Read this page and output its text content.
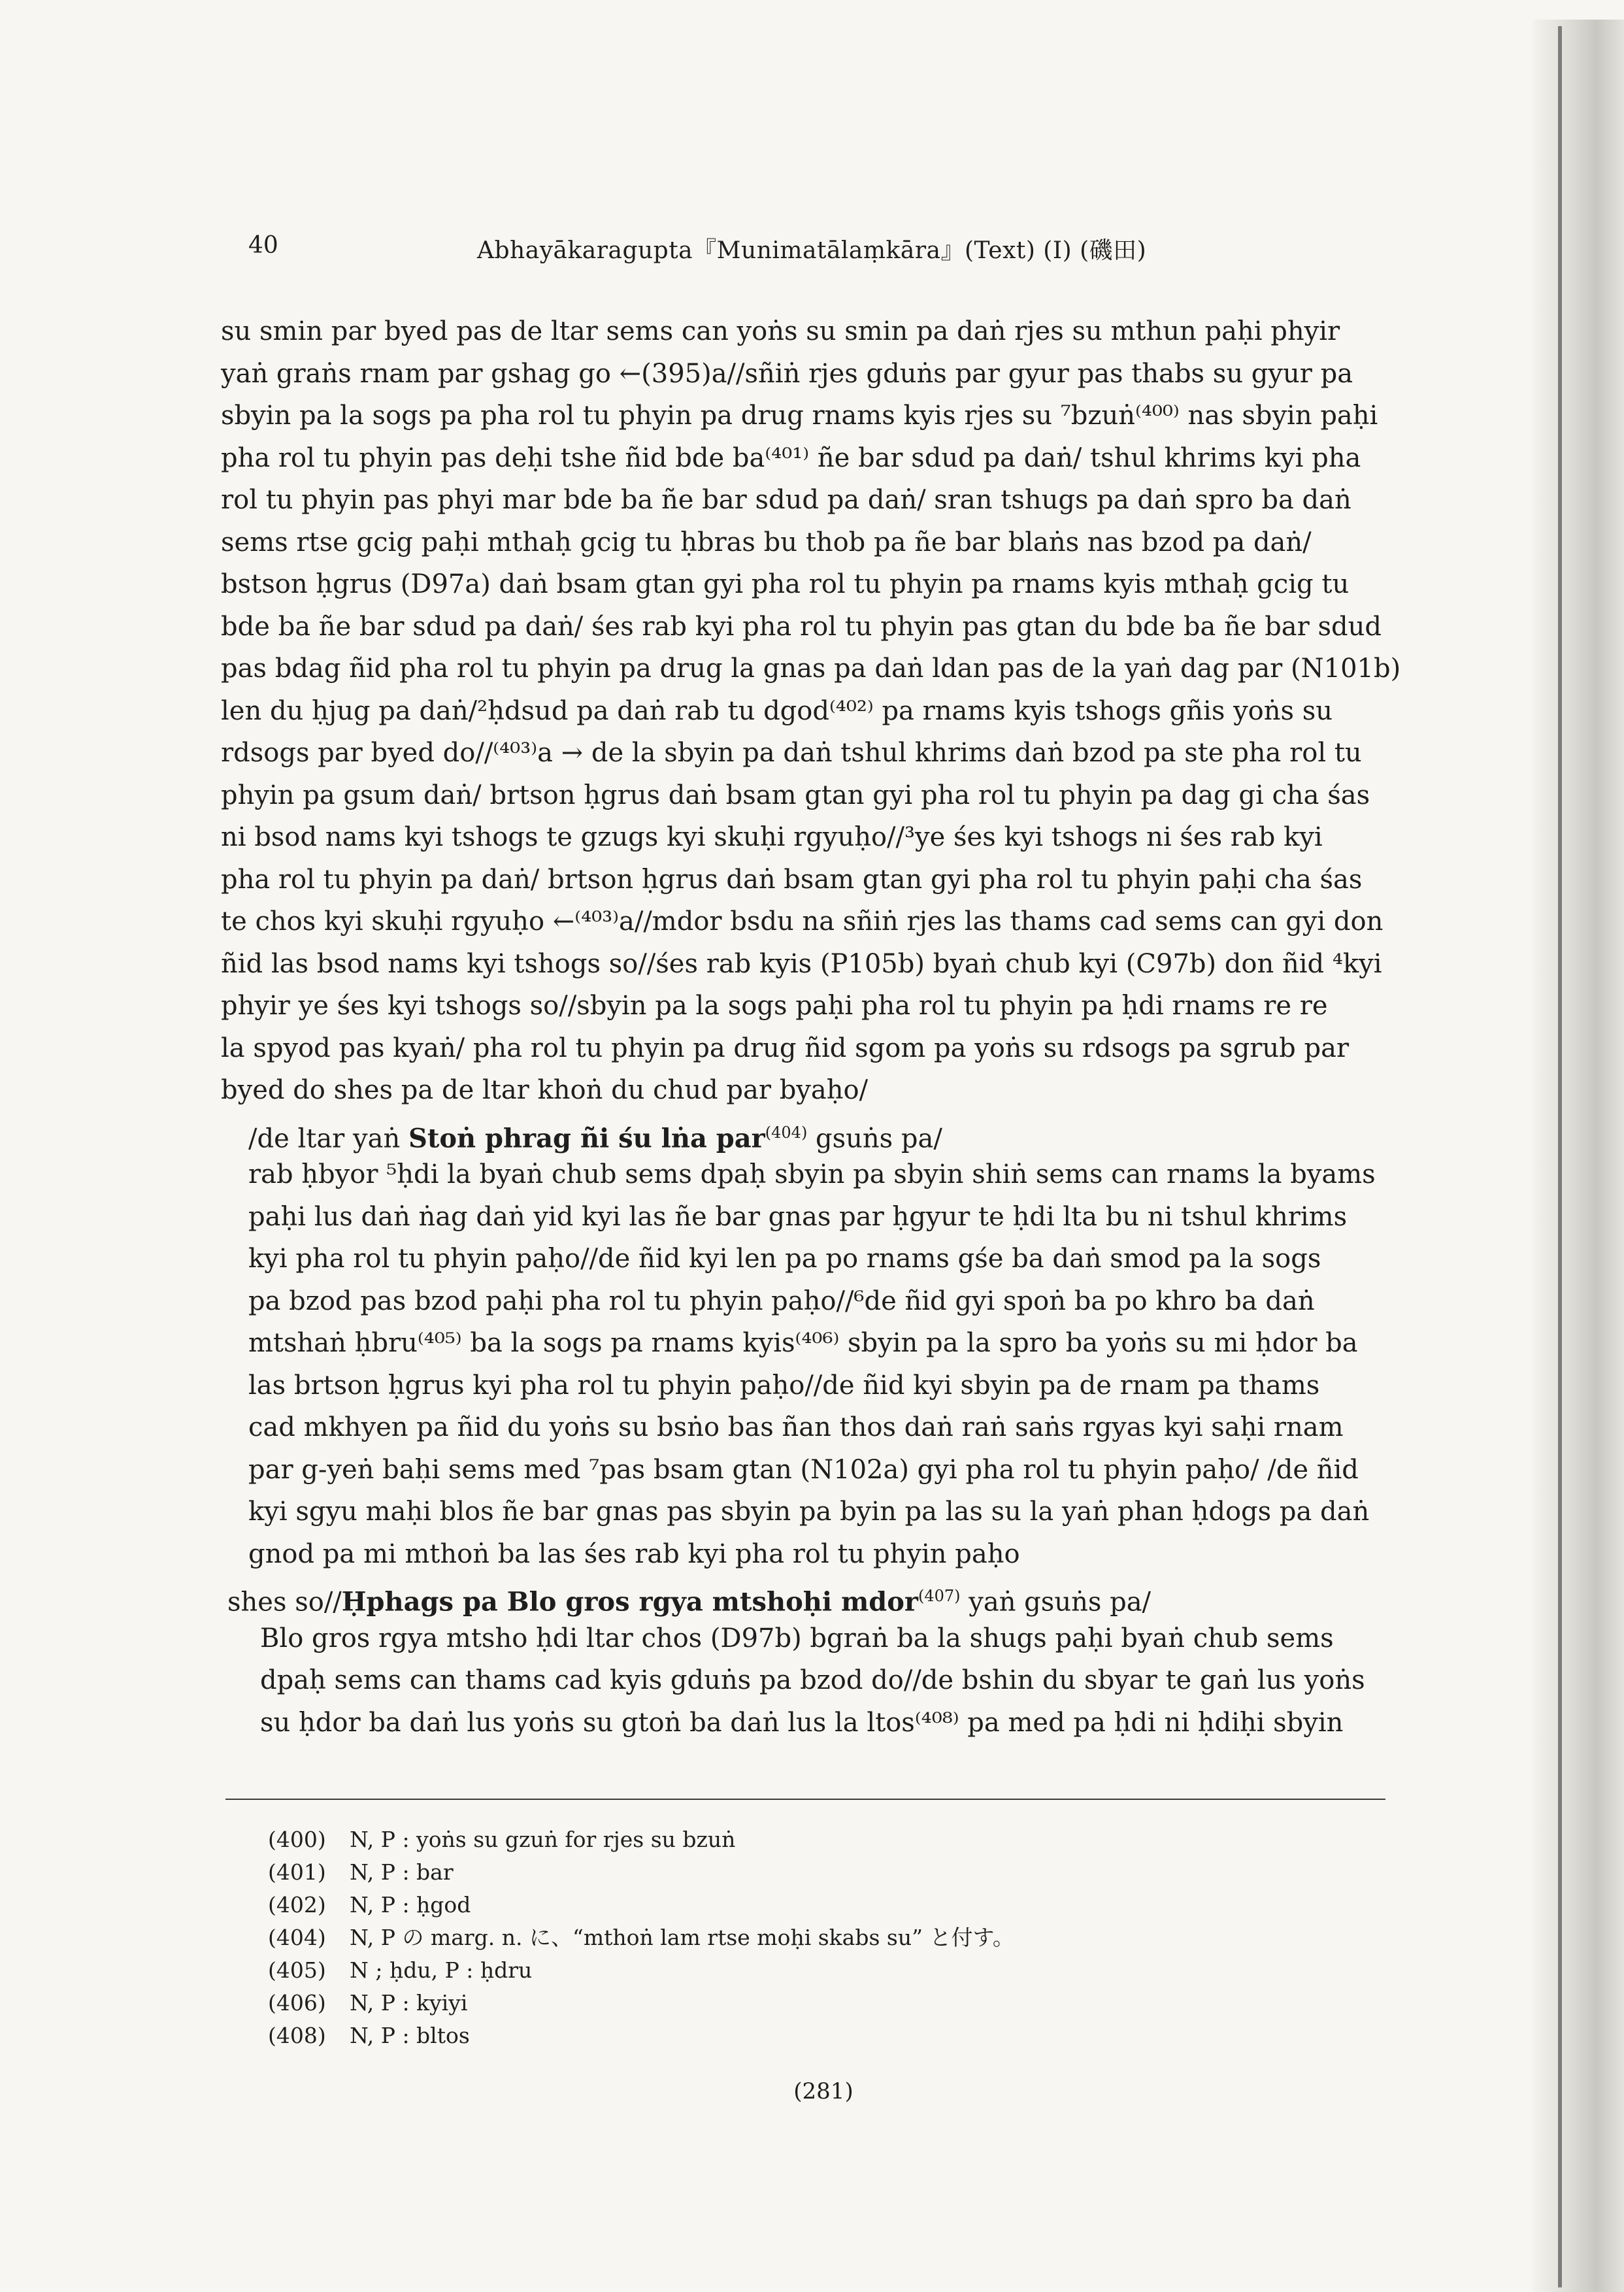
40	Abhayākaragupta『Munimatālaṃkāra』(Text) (I) (磯田)
su smin par byed pas de ltar sems can yoṅs su smin pa daṅ rjes su mthun paḥi phyir
yaṅ graṅs rnam par gshag go ←(395)a//sñiṅ rjes gduṅs par gyur pas thabs su gyur pa
sbyin pa la sogs pa pha rol tu phyin pa drug rnams kyis rjes su ⁷bzuṅ⁽⁴⁰⁰⁾ nas sbyin paḥi
pha rol tu phyin pas deḥi tshe ñid bde ba⁽⁴⁰¹⁾ ñe bar sdud pa daṅ/ tshul khrims kyi pha
rol tu phyin pas phyi mar bde ba ñe bar sdud pa daṅ/ sran tshugs pa daṅ spro ba daṅ
sems rtse gcig paḥi mthaḥ gcig tu ḥbras bu thob pa ñe bar blaṅs nas bzod pa daṅ/
bstson ḥgrus (D97a) daṅ bsam gtan gyi pha rol tu phyin pa rnams kyis mthaḥ gcig tu
bde ba ñe bar sdud pa daṅ/ śes rab kyi pha rol tu phyin pas gtan du bde ba ñe bar sdud
pas bdag ñid pha rol tu phyin pa drug la gnas pa daṅ ldan pas de la yaṅ dag par (N101b)
len du ḥjug pa daṅ/²ḥdsud pa daṅ rab tu dgod⁽⁴⁰²⁾ pa rnams kyis tshogs gñis yoṅs su
rdsogs par byed do//⁽⁴⁰³⁾a → de la sbyin pa daṅ tshul khrims daṅ bzod pa ste pha rol tu
phyin pa gsum daṅ/ brtson ḥgrus daṅ bsam gtan gyi pha rol tu phyin pa dag gi cha śas
ni bsod nams kyi tshogs te gzugs kyi skuḥi rgyuḥo//³ye śes kyi tshogs ni śes rab kyi
pha rol tu phyin pa daṅ/ brtson ḥgrus daṅ bsam gtan gyi pha rol tu phyin paḥi cha śas
te chos kyi skuḥi rgyuḥo ←⁽⁴⁰³⁾a//mdor bsdu na sñiṅ rjes las thams cad sems can gyi don
ñid las bsod nams kyi tshogs so//śes rab kyis (P105b) byaṅ chub kyi (C97b) don ñid ⁴kyi
phyir ye śes kyi tshogs so//sbyin pa la sogs paḥi pha rol tu phyin pa ḥdi rnams re re
la spyod pas kyaṅ/ pha rol tu phyin pa drug ñid sgom pa yoṅs su rdsogs pa sgrub par
byed do shes pa de ltar khoṅ du chud par byaḥo/
/de ltar yaṅ Stoṅ phrag ñi śu lṅa par$^{(404)}$ gsuṅs pa/
rab ḥbyor ⁵ḥdi la byaṅ chub sems dpaḥ sbyin pa sbyin shiṅ sems can rnams la byams
paḥi lus daṅ ṅag daṅ yid kyi las ñe bar gnas par ḥgyur te ḥdi lta bu ni tshul khrims
kyi pha rol tu phyin paḥo//de ñid kyi len pa po rnams gśe ba daṅ smod pa la sogs
pa bzod pas bzod paḥi pha rol tu phyin paḥo//⁶de ñid gyi spoṅ ba po khro ba daṅ
mtshaṅ ḥbru⁽⁴⁰⁵⁾ ba la sogs pa rnams kyis⁽⁴⁰⁶⁾ sbyin pa la spro ba yoṅs su mi ḥdor ba
las brtson ḥgrus kyi pha rol tu phyin paḥo//de ñid kyi sbyin pa de rnam pa thams
cad mkhyen pa ñid du yoṅs su bsṅo bas ñan thos daṅ raṅ saṅs rgyas kyi saḥi rnam
par g-yeṅ baḥi sems med ⁷pas bsam gtan (N102a) gyi pha rol tu phyin paḥo/ /de ñid
kyi sgyu maḥi blos ñe bar gnas pas sbyin pa byin pa las su la yaṅ phan ḥdogs pa daṅ
gnod pa mi mthoṅ ba las śes rab kyi pha rol tu phyin paḥo
shes so//Ḥphags pa Blo gros rgya mtshoḥi mdor$^{(407)}$ yaṅ gsuṅs pa/
Blo gros rgya mtsho ḥdi ltar chos (D97b) bgraṅ ba la shugs paḥi byaṅ chub sems
dpaḥ sems can thams cad kyis gduṅs pa bzod do//de bshin du sbyar te gaṅ lus yoṅs
su ḥdor ba daṅ lus yoṅs su gtoṅ ba daṅ lus la ltos⁽⁴⁰⁸⁾ pa med pa ḥdi ni ḥdiḥi sbyin
(400) N, P : yoṅs su gzuṅ for rjes su bzuṅ
(401) N, P : bar
(402) N, P : ḥgod
(404) N, P の marg. n. に、“mthoṅ lam rtse moḥi skabs su” と付す。
(405) N ; ḥdu, P : ḥdru
(406) N, P : kyiyi
(408) N, P : bltos
(281)
